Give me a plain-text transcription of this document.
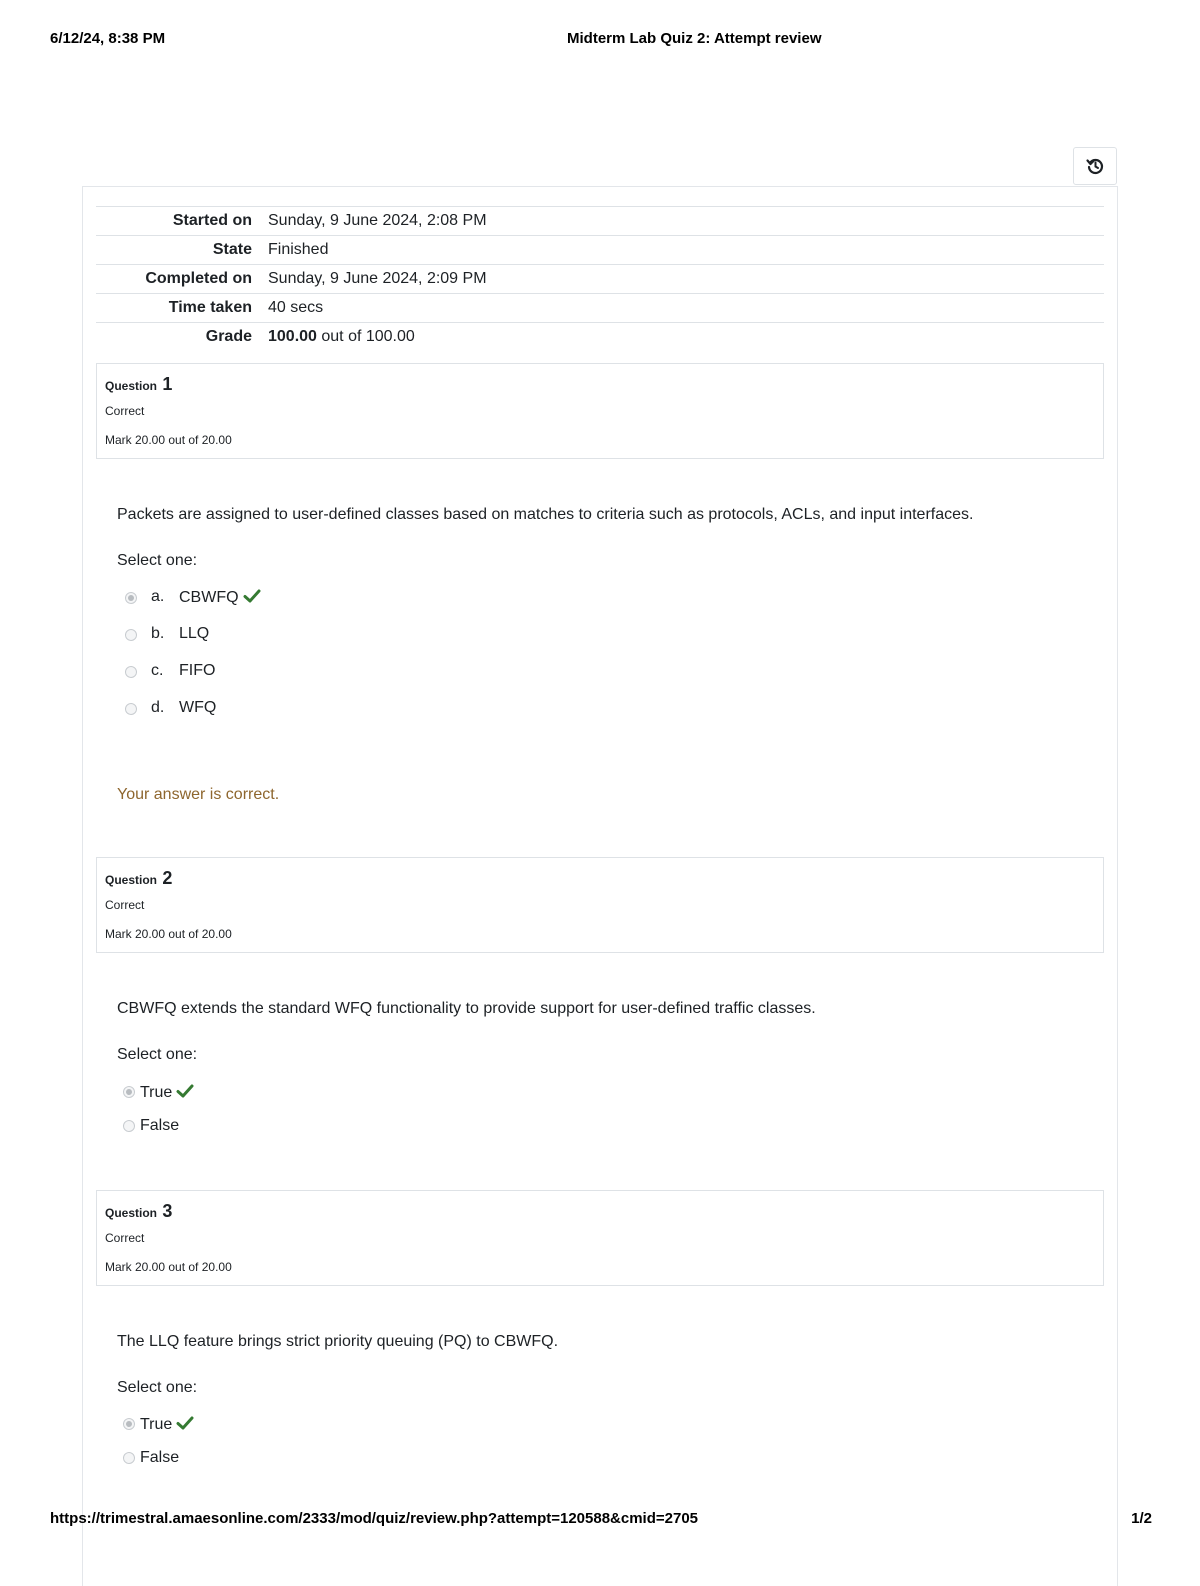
6/12/24, 8:38 PM	Midterm Lab Quiz 2: Attempt review
Started on Sunday, 9 June 2024, 2:08 PM
State Finished
Completed on Sunday, 9 June 2024, 2:09 PM
Time taken 40 secs
Grade 100.00 out of 100.00
Question 1
Correct
Mark 20.00 out of 20.00
Packets are assigned to user-defined classes based on matches to criteria such as protocols, ACLs, and input interfaces.
Select one:
a. CBWFQ
b. LLQ
c. FIFO
d. WFQ
Your answer is correct.
Question 2
Correct
Mark 20.00 out of 20.00
CBWFQ extends the standard WFQ functionality to provide support for user-defined traffic classes.
Select one:
True
False
Question 3
Correct
Mark 20.00 out of 20.00
The LLQ feature brings strict priority queuing (PQ) to CBWFQ.
Select one:
True
False
https://trimestral.amaesonline.com/2333/mod/quiz/review.php?attempt=120588&cmid=2705	1/2
